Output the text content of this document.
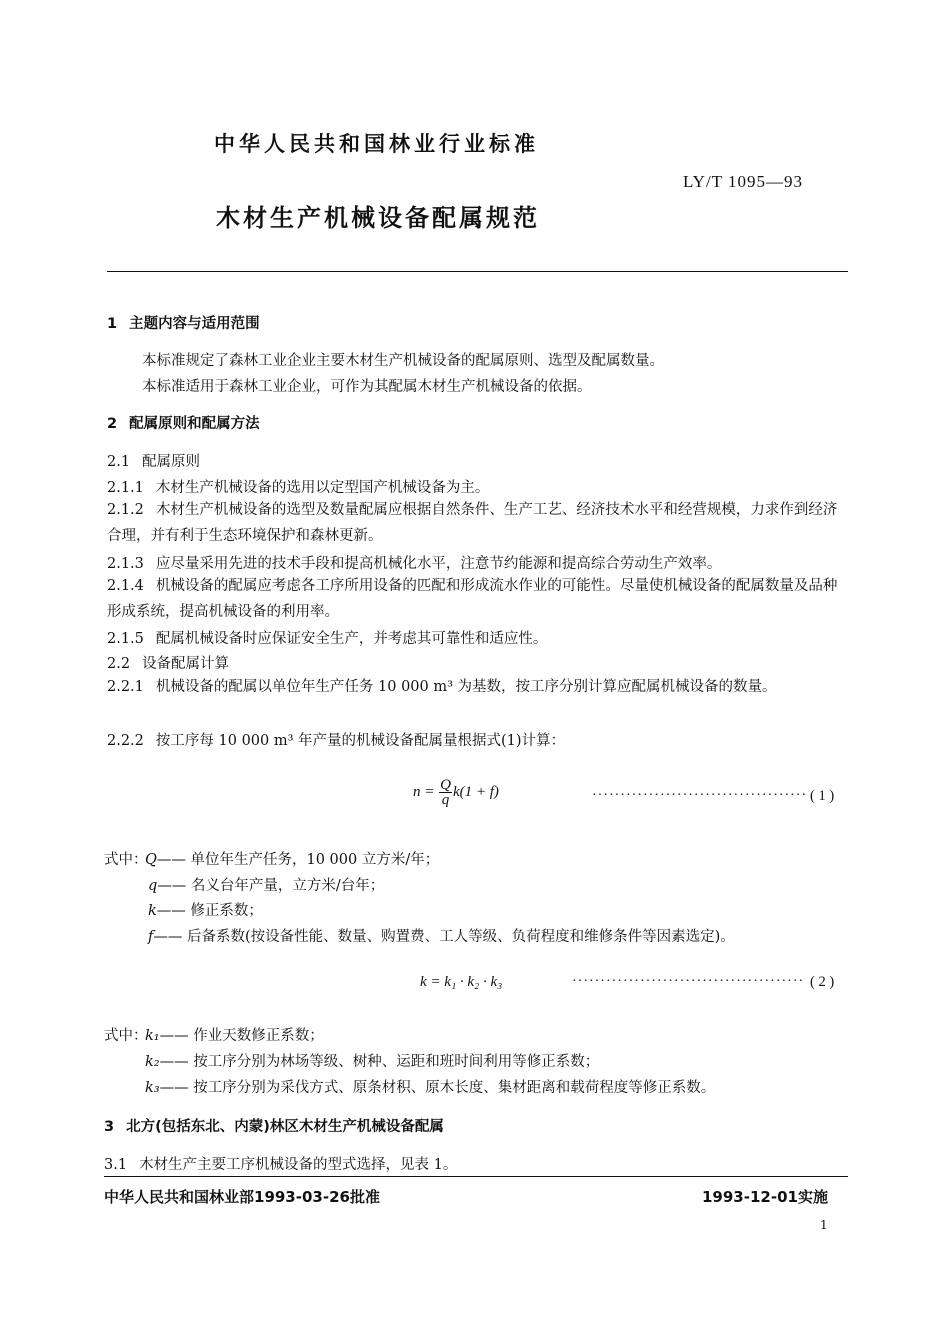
中华人民共和国林业行业标准
LY/T 1095—93
木材生产机械设备配属规范
1 主题内容与适用范围
本标准规定了森林工业企业主要木材生产机械设备的配属原则、选型及配属数量。
本标准适用于森林工业企业，可作为其配属木材生产机械设备的依据。
2 配属原则和配属方法
2.1 配属原则
2.1.1 木材生产机械设备的选用以定型国产机械设备为主。
2.1.2 木材生产机械设备的选型及数量配属应根据自然条件、生产工艺、经济技术水平和经营规模，力求作到经济合理，并有利于生态环境保护和森林更新。
2.1.3 应尽量采用先进的技术手段和提高机械化水平，注意节约能源和提高综合劳动生产效率。
2.1.4 机械设备的配属应考虑各工序所用设备的匹配和形成流水作业的可能性。尽量使机械设备的配属数量及品种形成系统，提高机械设备的利用率。
2.1.5 配属机械设备时应保证安全生产，并考虑其可靠性和适应性。
2.2 设备配属计算
2.2.1 机械设备的配属以单位年生产任务 10 000 m³ 为基数，按工序分别计算应配属机械设备的数量。
2.2.2 按工序每 10 000 m³ 年产量的机械设备配属量根据式(1)计算：
$n = \frac{Q}{q} k(1 + f)$	······································ ( 1 )
式中：
Q—— 单位年生产任务，10 000 立方米/年；
q—— 名义台年产量，立方米/台年；
k—— 修正系数；
f—— 后备系数(按设备性能、数量、购置费、工人等级、负荷程度和维修条件等因素选定)。
k = k₁ · k₂ · k₃	········································· ( 2 )
式中：
k₁—— 作业天数修正系数；
k₂—— 按工序分别为林场等级、树种、运距和班时间利用等修正系数；
k₃—— 按工序分别为采伐方式、原条材积、原木长度、集材距离和载荷程度等修正系数。
3 北方(包括东北、内蒙)林区木材生产机械设备配属
3.1 木材生产主要工序机械设备的型式选择，见表 1。
中华人民共和国林业部1993-03-26批准	1993-12-01实施
1
